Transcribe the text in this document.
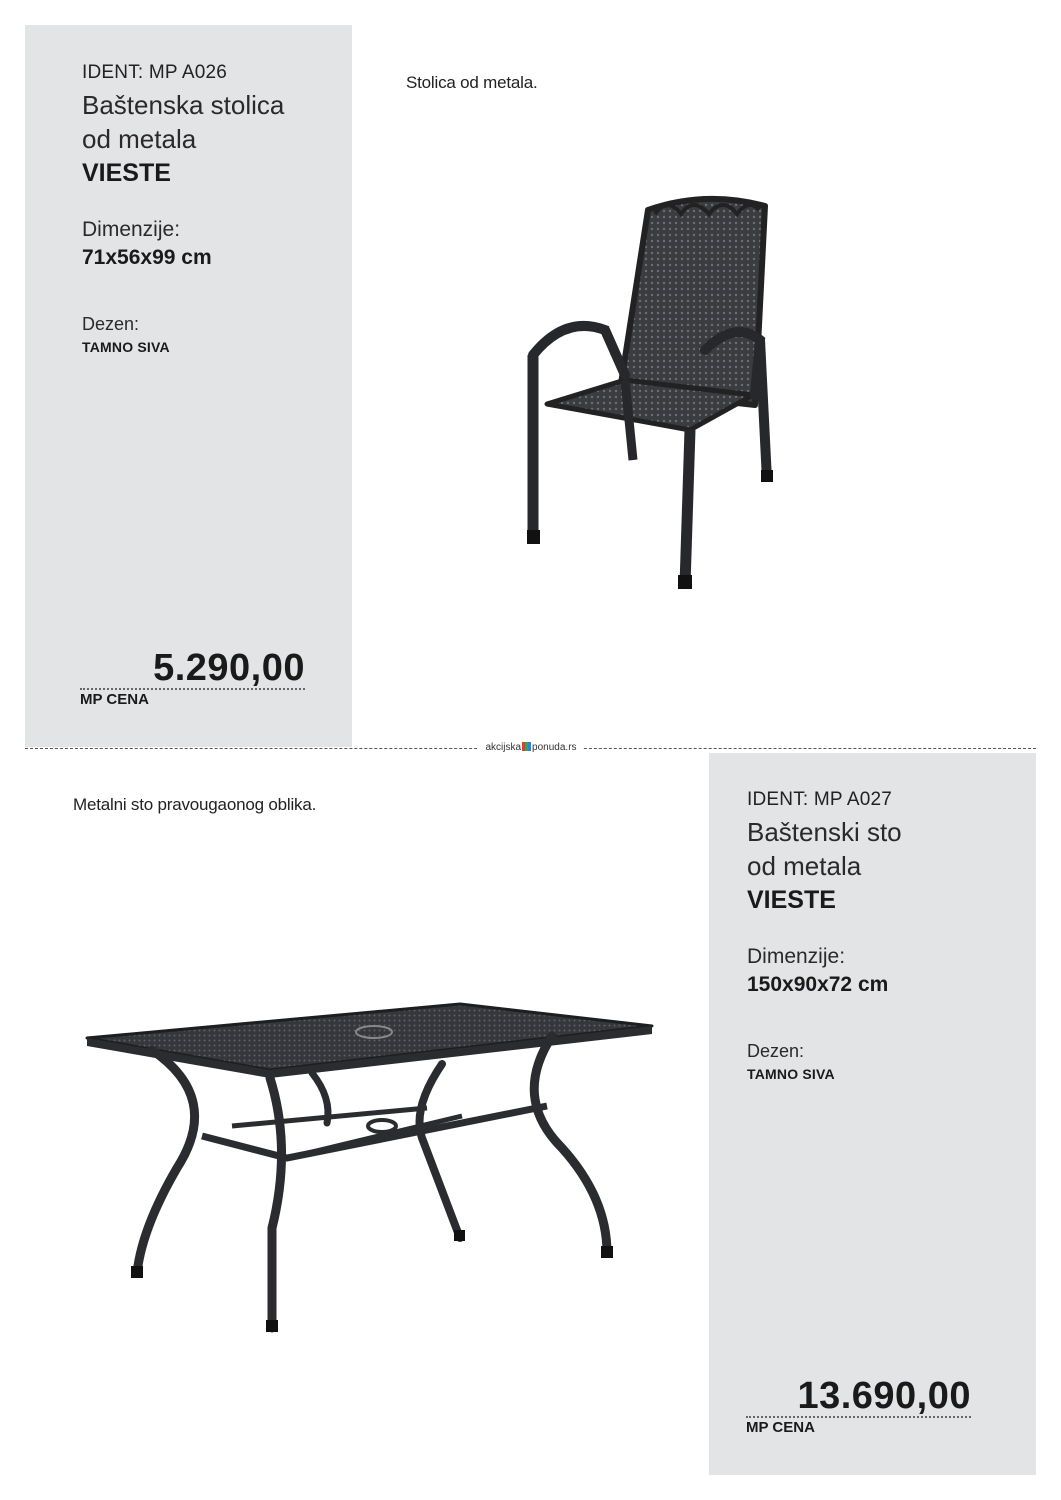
IDENT: MP A026
Baštenska stolica
od metala
VIESTE
Dimenzije:
71x56x99 cm
Dezen:
TAMNO SIVA
5.290,00
MP CENA
Stolica od metala.
akcijska ponuda.rs
IDENT: MP A027
Baštenski sto
od metala
VIESTE
Dimenzije:
150x90x72 cm
Dezen:
TAMNO SIVA
13.690,00
MP CENA
Metalni sto pravougaonog oblika.
